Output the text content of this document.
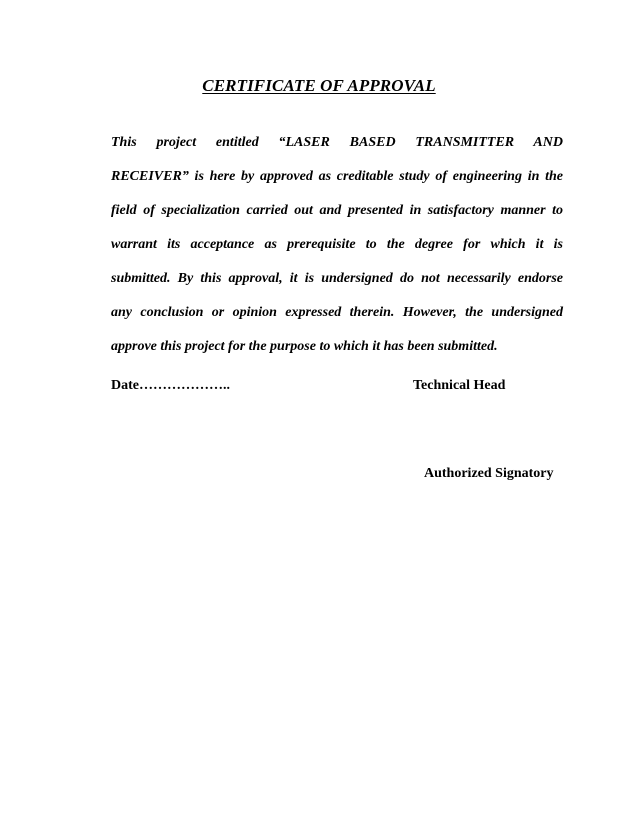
CERTIFICATE OF APPROVAL
This project entitled “LASER BASED TRANSMITTER AND
RECEIVER” is here by approved as creditable study of engineering in the
field of specialization carried out and presented in satisfactory manner to
warrant its acceptance as prerequisite to the degree for which it is
submitted. By this approval, it is undersigned do not necessarily endorse
any conclusion or opinion expressed therein. However, the undersigned
approve this project for the purpose to which it has been submitted.
Date………………..	Technical Head
Authorized Signatory
